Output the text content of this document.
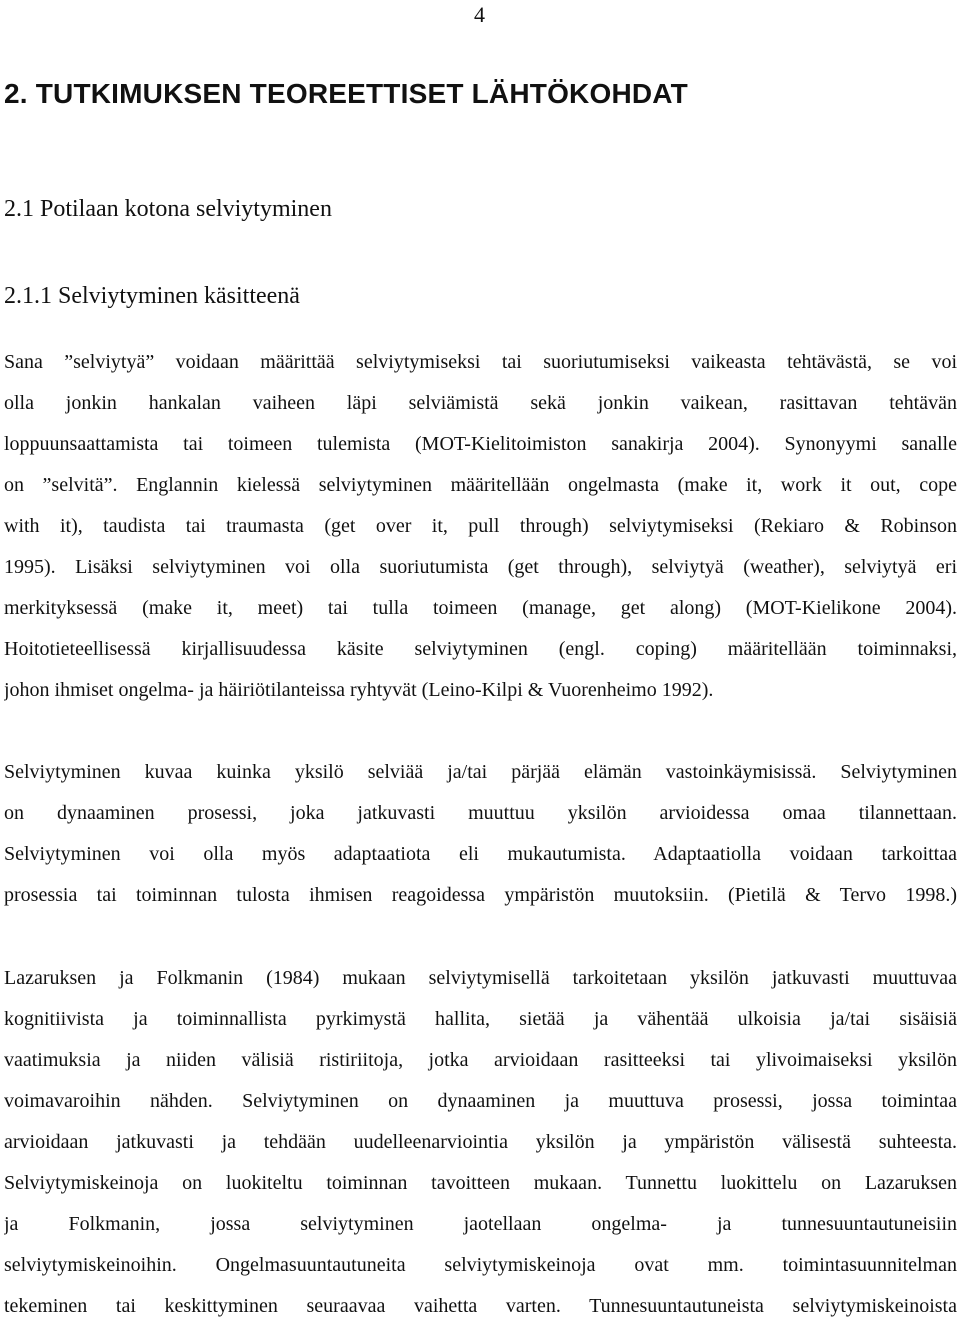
4
2. TUTKIMUKSEN TEOREETTISET LÄHTÖKOHDAT
2.1 Potilaan kotona selviytyminen
2.1.1 Selviytyminen käsitteenä
Sana ”selviytyä” voidaan määrittää selviytymiseksi tai suoriutumiseksi vaikeasta tehtävästä, se voi
olla jonkin hankalan vaiheen läpi selviämistä sekä jonkin vaikean, rasittavan tehtävän
loppuunsaattamista tai toimeen tulemista (MOT-Kielitoimiston sanakirja 2004). Synonyymi sanalle
on ”selvitä”. Englannin kielessä selviytyminen määritellään ongelmasta (make it, work it out, cope
with it), taudista tai traumasta (get over it, pull through) selviytymiseksi (Rekiaro & Robinson
1995). Lisäksi selviytyminen voi olla suoriutumista (get through), selviytyä (weather), selviytyä eri
merkityksessä (make it, meet) tai tulla toimeen (manage, get along) (MOT-Kielikone 2004).
Hoitotieteellisessä kirjallisuudessa käsite selviytyminen (engl. coping) määritellään toiminnaksi,
johon ihmiset ongelma- ja häiriötilanteissa ryhtyvät (Leino-Kilpi & Vuorenheimo 1992).
Selviytyminen kuvaa kuinka yksilö selviää ja/tai pärjää elämän vastoinkäymisissä. Selviytyminen
on dynaaminen prosessi, joka jatkuvasti muuttuu yksilön arvioidessa omaa tilannettaan.
Selviytyminen voi olla myös adaptaatiota eli mukautumista. Adaptaatiolla voidaan tarkoittaa
prosessia tai toiminnan tulosta ihmisen reagoidessa ympäristön muutoksiin. (Pietilä & Tervo 1998.)
Lazaruksen ja Folkmanin (1984) mukaan selviytymisellä tarkoitetaan yksilön jatkuvasti muuttuvaa
kognitiivista ja toiminnallista pyrkimystä hallita, sietää ja vähentää ulkoisia ja/tai sisäisiä
vaatimuksia ja niiden välisiä ristiriitoja, jotka arvioidaan rasitteeksi tai ylivoimaiseksi yksilön
voimavaroihin nähden. Selviytyminen on dynaaminen ja muuttuva prosessi, jossa toimintaa
arvioidaan jatkuvasti ja tehdään uudelleenarviointia yksilön ja ympäristön välisestä suhteesta.
Selviytymiskeinoja on luokiteltu toiminnan tavoitteen mukaan. Tunnettu luokittelu on Lazaruksen
ja Folkmanin, jossa selviytyminen jaotellaan ongelma- ja tunnesuuntautuneisiin
selviytymiskeinoihin. Ongelmasuuntautuneita selviytymiskeinoja ovat mm. toimintasuunnitelman
tekeminen tai keskittyminen seuraavaa vaihetta varten. Tunnesuuntautuneista selviytymiskeinoista
